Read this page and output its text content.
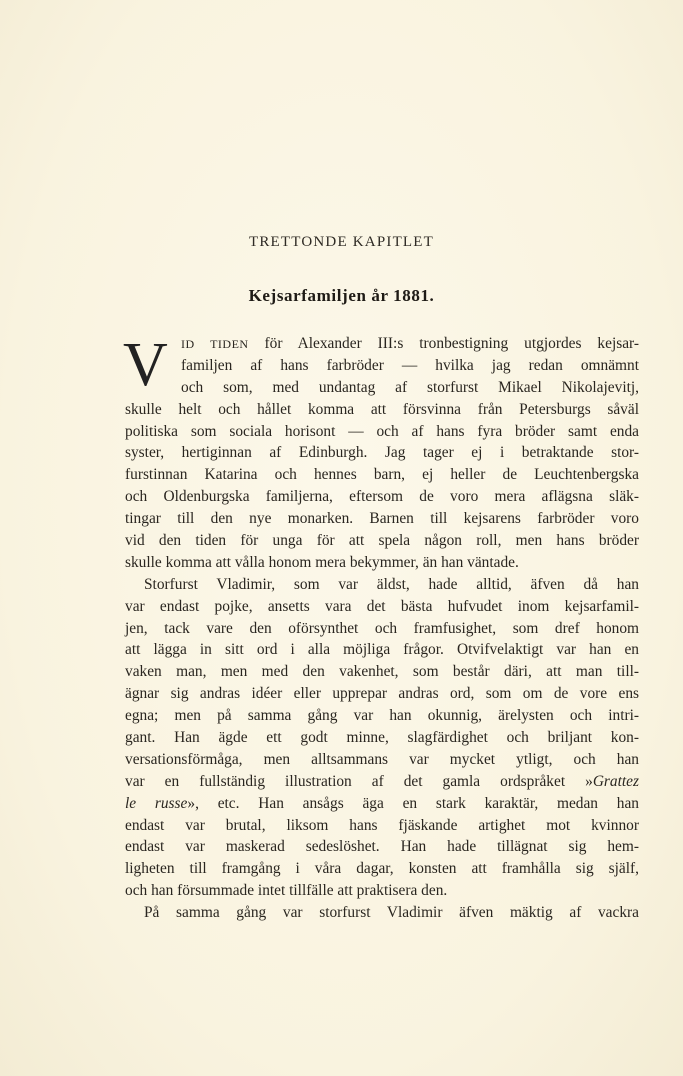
TRETTONDE KAPITLET
Kejsarfamiljen år 1881.
V	ID TIDEN för Alexander III:s tronbestigning utgjordes kejsar-
familjen af hans farbröder — hvilka jag redan omnämnt
och som, med undantag af storfurst Mikael Nikolajevitj,
skulle helt och hållet komma att försvinna från Petersburgs såväl
politiska som sociala horisont — och af hans fyra bröder samt enda
syster, hertiginnan af Edinburgh. Jag tager ej i betraktande stor-
furstinnan Katarina och hennes barn, ej heller de Leuchtenbergska
och Oldenburgska familjerna, eftersom de voro mera aflägsna släk-
tingar till den nye monarken. Barnen till kejsarens farbröder voro
vid den tiden för unga för att spela någon roll, men hans bröder
skulle komma att vålla honom mera bekymmer, än han väntade.
Storfurst Vladimir, som var äldst, hade alltid, äfven då han
var endast pojke, ansetts vara det bästa hufvudet inom kejsarfamil-
jen, tack vare den oförsynthet och framfusighet, som dref honom
att lägga in sitt ord i alla möjliga frågor. Otvifvelaktigt var han en
vaken man, men med den vakenhet, som består däri, att man till-
ägnar sig andras idéer eller upprepar andras ord, som om de vore ens
egna; men på samma gång var han okunnig, ärelysten och intri-
gant. Han ägde ett godt minne, slagfärdighet och briljant kon-
versationsförmåga, men alltsammans var mycket ytligt, och han
var en fullständig illustration af det gamla ordspråket »Grattez
le russe», etc. Han ansågs äga en stark karaktär, medan han
endast var brutal, liksom hans fjäskande artighet mot kvinnor
endast var maskerad sedeslöshet. Han hade tillägnat sig hem-
ligheten till framgång i våra dagar, konsten att framhålla sig själf,
och han försummade intet tillfälle att praktisera den.
På samma gång var storfurst Vladimir äfven mäktig af vackra
